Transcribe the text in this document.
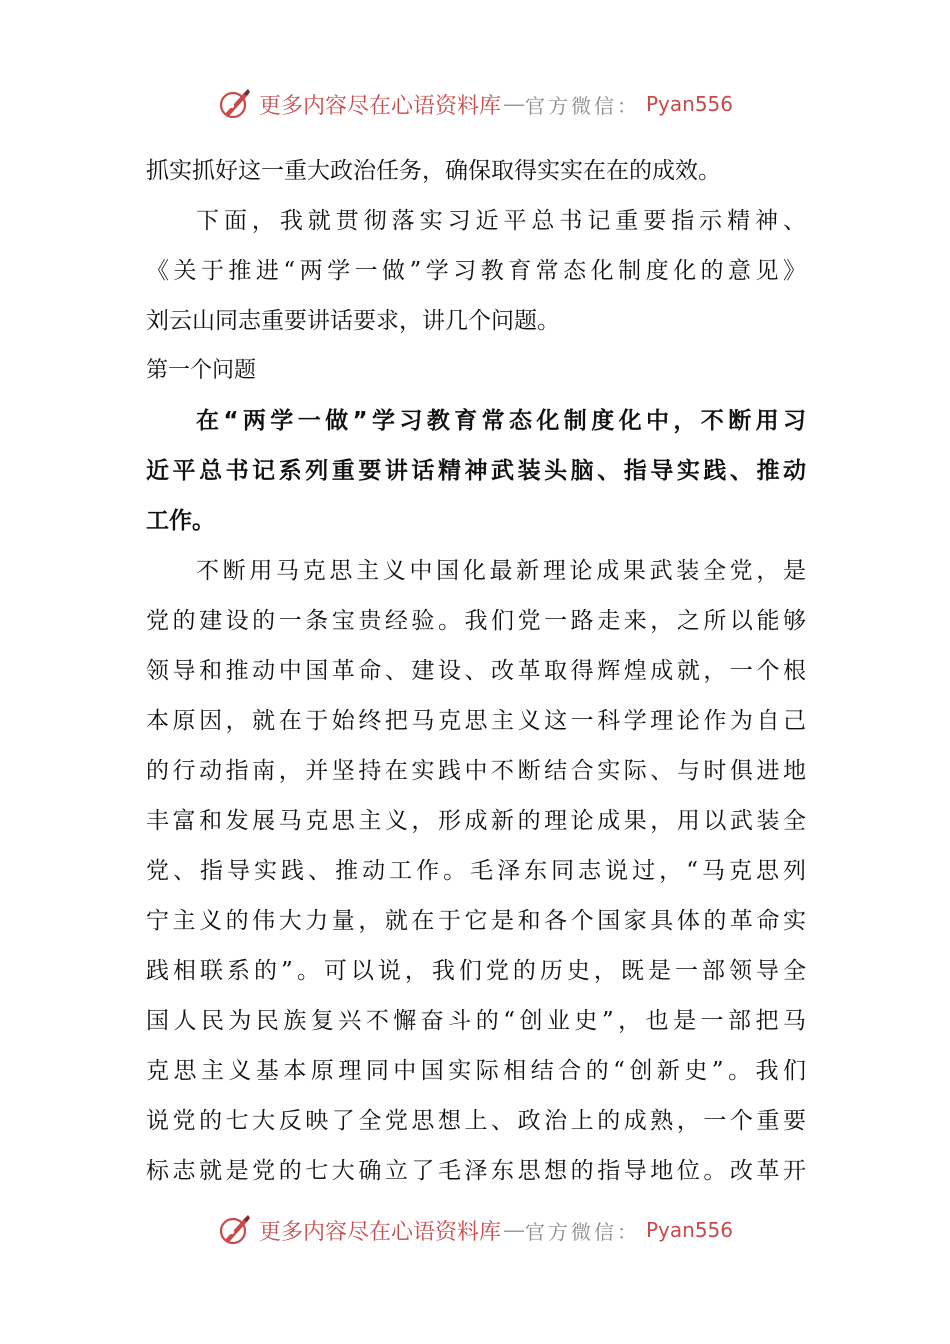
更多内容尽在心语资料库 — 官方微信： Pyan556
抓实抓好这一重大政治任务，确保取得实实在在的成效。
下面，我就贯彻落实习近平总书记重要指示精神、
《关于推进“两学一做”学习教育常态化制度化的意见》
刘云山同志重要讲话要求，讲几个问题。
第一个问题
在“两学一做”学习教育常态化制度化中，不断用习
近平总书记系列重要讲话精神武装头脑、指导实践、推动
工作。
不断用马克思主义中国化最新理论成果武装全党，是
党的建设的一条宝贵经验。我们党一路走来，之所以能够
领导和推动中国革命、建设、改革取得辉煌成就，一个根
本原因，就在于始终把马克思主义这一科学理论作为自己
的行动指南，并坚持在实践中不断结合实际、与时俱进地
丰富和发展马克思主义，形成新的理论成果，用以武装全
党、指导实践、推动工作。毛泽东同志说过，“马克思列
宁主义的伟大力量，就在于它是和各个国家具体的革命实
践相联系的”。可以说，我们党的历史，既是一部领导全
国人民为民族复兴不懈奋斗的“创业史”，也是一部把马
克思主义基本原理同中国实际相结合的“创新史”。我们
说党的七大反映了全党思想上、政治上的成熟，一个重要
标志就是党的七大确立了毛泽东思想的指导地位。改革开
更多内容尽在心语资料库 — 官方微信： Pyan556
